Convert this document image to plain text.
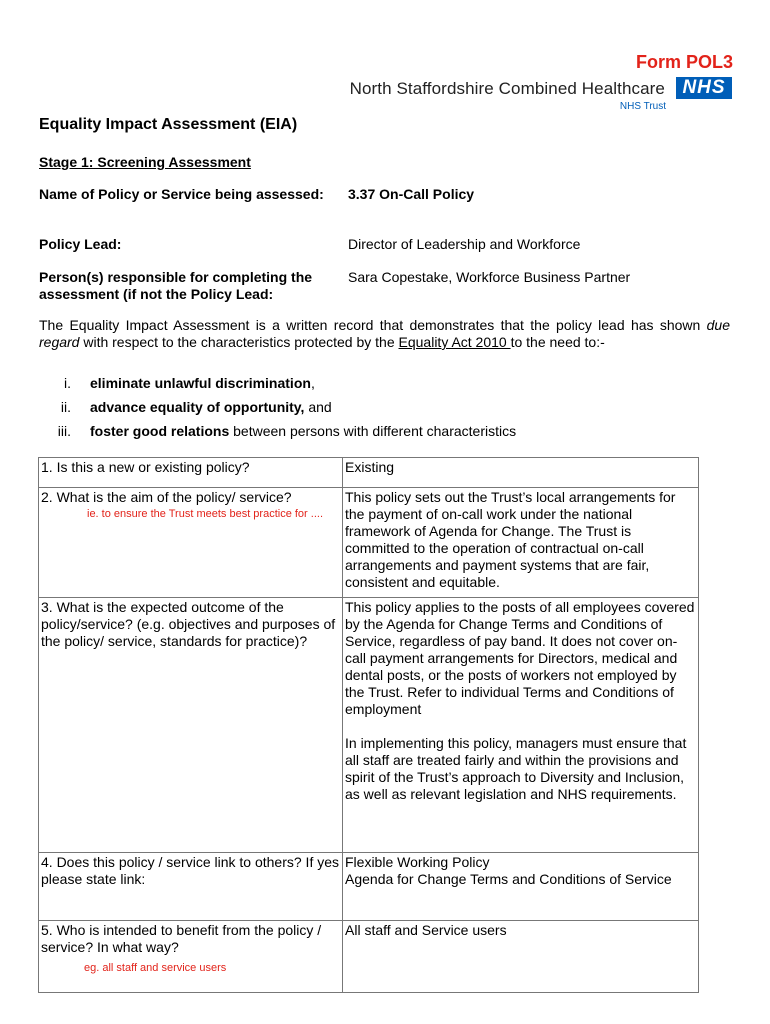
Form POL3
North Staffordshire Combined Healthcare NHS
NHS Trust
Equality Impact Assessment (EIA)
Stage 1: Screening Assessment
Name of Policy or Service being assessed:	3.37 On-Call Policy
Policy Lead:	Director of Leadership and Workforce
Person(s) responsible for completing the assessment (if not the Policy Lead:
Sara Copestake, Workforce Business Partner
The Equality Impact Assessment is a written record that demonstrates that the policy lead has shown due regard with respect to the characteristics protected by the Equality Act 2010 to the need to:-
i. eliminate unlawful discrimination,
ii. advance equality of opportunity, and
iii. foster good relations between persons with different characteristics
1. Is this a new or existing policy?	Existing

2. What is the aim of the policy/ service?
ie. to ensure the Trust meets best practice for ....	This policy sets out the Trust’s local arrangements for the payment of on-call work under the national framework of Agenda for Change. The Trust is committed to the operation of contractual on-call arrangements and payment systems that are fair, consistent and equitable.

3. What is the expected outcome of the policy/service? (e.g. objectives and purposes of the policy/ service, standards for practice)?	This policy applies to the posts of all employees covered by the Agenda for Change Terms and Conditions of Service, regardless of pay band. It does not cover on-call payment arrangements for Directors, medical and dental posts, or the posts of workers not employed by the Trust. Refer to individual Terms and Conditions of employment
In implementing this policy, managers must ensure that all staff are treated fairly and within the provisions and spirit of the Trust’s approach to Diversity and Inclusion, as well as relevant legislation and NHS requirements.

4. Does this policy / service link to others? If yes please state link:	Flexible Working Policy
Agenda for Change Terms and Conditions of Service

5. Who is intended to benefit from the policy / service? In what way?
eg. all staff and service users	All staff and Service users
